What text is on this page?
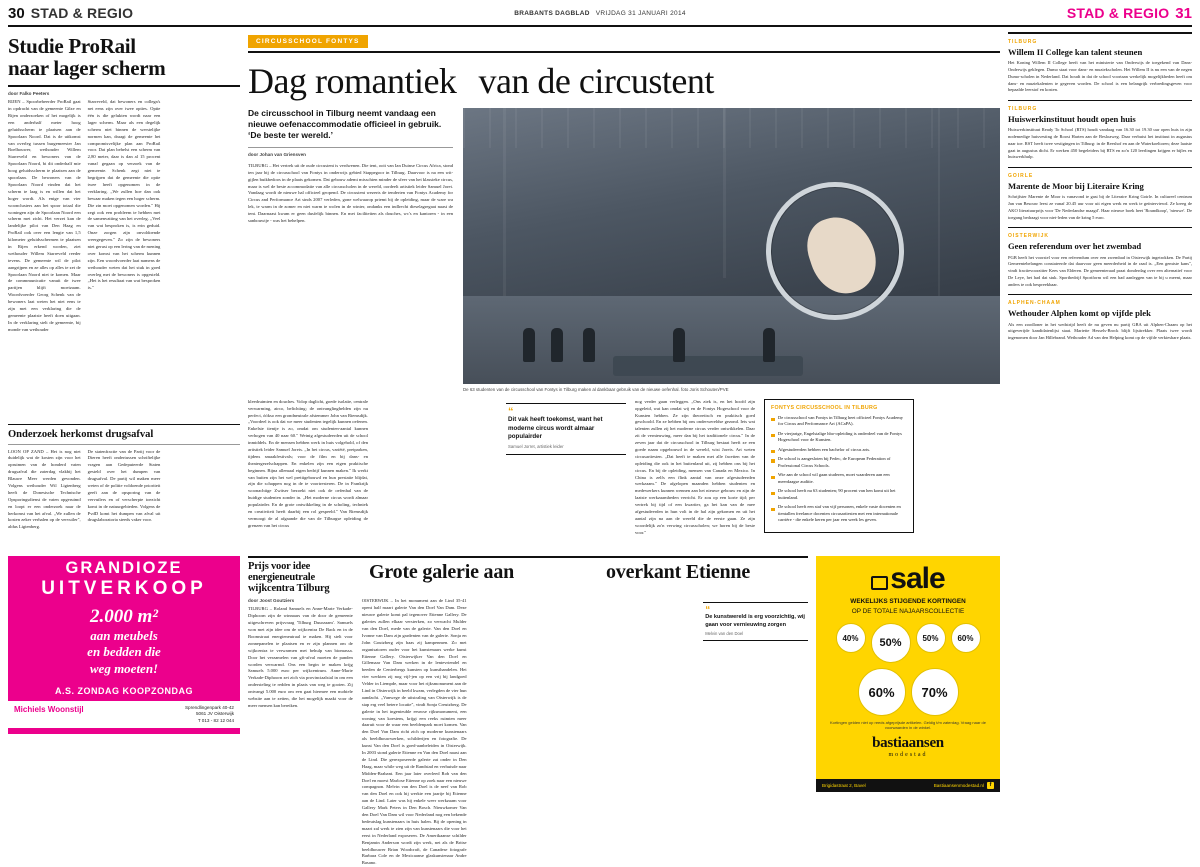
30 STAD & REGIO	BRABANTS DAGBLAD VRIJDAG 31 JANUARI 2014	STAD & REGIO 31
Studie ProRail
naar lager scherm
door Falko Peeters
RIJEN – Spoorbeheerder ProRail gaat in opdracht van de gemeente Gilze en Rijen onderzoeken of het mogelijk is een anderhalf meter hoog geluidsscherm te plaatsen aan de Spoorlaan Noord. Dat is de uitkomst van overleg tussen burgemeester Jan Boelhouwer, wethouder Willem Starreveld en bewoners van de Spoorlaan Noord, bi dit onderhalf mie hoog geluidsscherm te plaatsen aan de spoorlaan. De bewoners van de Spoorlaan Noord vinden dat het scherm te laag is en willen dat het hoger wordt. Als enige van vier woonclusters aan het spoor totaal die woningen zijn de Spoorlaan Noord een scherm met zicht. Het verzet kan de landelijke pilot van Den Haag en ProRail ook over een lengte van 1,5 kilometer geluidsschermen te plaatsen in Rijen erkend worden, ziet wethouder Willem Starreveld reeder tevens. De gemeente wil de pilot aangrijpen en ze alles op alles te zet de Spoorlaan Noord niet te komen. Maar de commmunicatie vanuit de twee partijen blijft moeizaam. Woordvoerder Georg Schenk van de bewoners laat weten het niet eens te zijn met een verklaring die de gemeente plaatste heeft doen uitgaan. In de verklaring stelt de gemeente, bij monde van wethouder
Starreveld, dat bewoners en collega's net eens zijn over twee opties. Optie één is die gelukten wordt naar een lager scherm. Maar als een degelijk scherm niet binnen de werstelijke normen kan, draagt de gemeente het compromisvelijke plan aan ProRail voor. Dat plan behelst een scherm van 2,80 meter, daar is dan al 15 procent vanaf gegaan op verzoek van de gemeente. Schenk zegt niet te begrijpen dat de gemeente die optie twee heeft opgenomen in de verklaring. „We zullen hoe dan ook bewaar maken tegen een hoger scherm. Die zin moet opgenomen worden." Hij zegt ook een probleem te hebben met de samenvatting van het overleg. „Veel van wat besproken is, is erin geduid. Onze zorgen zijn onvoldoende weergegeven." Zo zijn de bewoners niet gerust op een lering van de mening over komst van het scherm kunnen zijn. Een woordvoerder laat namens de wethouder weten dat het stuk in goed overleg met de bewoners is opgesteld. „Het is het resultaat van wat besproken is."
Onderzoek herkomst drugsafval
LOON OP ZAND – Het is nog niet duidelijk wat de kosten zijn voor het opruimen van de honderd vaten drugsafval die zaterdag vlakbij het Blauwe Meer werden gevonden. Volgens wethouder Wil Ligtenberg heeft de Donesische Technische Opsporingsdienst de vaten opgeruimd en loopt er een onderzoek naar de herkomst van het afval. „We zullen de kosten zeker verhalen op de vervuiler", aldus Ligtenberg.
De statenfractie van de Partij voor de Dieren heeft ondertussen schriftelijke vragen aan Gedeputeerde Staten gesteld over het dumpen van drugsafval. De partij wil maken meer weten of de politie voldoende prioriteit geeft aan de opsporing van de vervuilers en of verscherpte toezicht komt in de natuurgebieden. Volgens de PvdD komt het dumpen van afval uit drugslaboratoria steeds vaker voor.
GRANDIOZE
UITVERKOOP
2.000 m²
aan meubels
en bedden die
weg moeten!
A.S. ZONDAG KOOPZONDAG
Michiels Woonstijl	Sprendlingenpark 40-42
5061 JV Oisterwijk
T 013 - 82 12 044
CIRCUSSCHOOL FONTYS
Dag romantiek van de circustent
De circusschool in Tilburg neemt vandaag een nieuwe oefenaccommodatie officieel in gebruik. ‘De beste ter wereld.’
door Johan van Griensven
TILBURG – Het vertrek uit de oude circustent is verdwenen. Die tent, ooit van Ian Duinse Circus Africa, stond ten jaar bij de circusschool van Fontys in onderwijs gebied Stappegoor in Tilburg. Daarvoor is na een wit-gijlen buikbedoos in de plaats gekomen. Dat gebouw ademt misschien minder de sfeer van het klassieke circus, maar is wel de beste accommodatie van alle circusscholen in de wereld, oordeelt artistiek leider Samuel Joret. Vandaag wordt de nieuwe hal officieel geopend. De circustent wezerts de tenderten van Fontys Academy for Circus and Performance Art sinds 2007 verleden, gone welwaarop priemt bij de opleiding, maar de ware wa lek, te warm in de zomer en niet warm te wolen in de winter, ondanks een indlrecht dieselagregaat naast de tent. Daarnaast kwam er geen dusfelijk binnen. En met faciliteiten als douches, wc's en kantoren - in een sanbouwtje - was het behelpen.
De 63 studenten van de circusschool van Fontys in Tilburg maken al dankbaar gebruik van de nieuwe oefenhal. foto Joris Schouten/PVE
kleedruimten en douches. Volop daglicht, goede isolatie, centrale verwarming, airco, belichting; de ontvanglinghelden zijn nu perfect, óókso een grondneutrale afstemmer John van Riemsdijk. „Voordeel is ook dat we meer studenten tegelijk kunnen oefenen. Enkelste tientje is zo, omdat om studenten-aantal kunnen verhogen van 40 naar 60." Weinig afgestudeerden uit de school inmiddels. En de mensen hebben werk in huis volgehold, of den artistiek leider Samuel Joreis. „In het circus, variëté, pretparken, tijdens smaakfestivals; voor de film en bij dans- en theatergezelschappen. En enkelen zijn een eigen praktische beginnen. Bijna allemaal eigen bedrijf kunnen maken." Ik werkt van buiten zijn het wel prettigebouwd en hun prestatie blijdat, zijn die schappen nog in de te voortresteren. De in Frankrijk woonachtige Zwitser bezoekt niet ook de oefenhal van de huidige studenten zonder in. „Het moderne circus wordt almaar populairder. En de grote ontwikkeling in de scholing, techniek en creativiteit heeft daarbij een rol gespeeld." Van Riemsdijk vermoogt de al afgaande die van de Tilburgse opleiding de grenzen van het circus
“
Dit vak heeft toekomst, want het moderne circus wordt almaar populairder
Samuel Jorret, artistiek leider
nog verder gaan verleggen. „Ons ziek is, en het hoofd zijn opgeleid, wat kan omdat wij en de Fontys Hogeschool voor de Kunsten hebben. Ze zijn theoretisch en praktisch goed geschoold. En ze hebben bij ons onderwereldse gezond. Iets wat talenten zullen zij het moderne circus verder ontwikkelen. Daar zit de vernieuwing, meer dan bij het traditionele circus." In de zeven jaar dat de circusschool in Tilburg bestaat heeft ze een goede naam opgebouwd in de wereld, wist Joreis. Art weten circusartiesten. „Dat heeft te maken met alle facetten van de opleiding die ook in het buitenland uit, zij hebben ons bij het circus. En bij de opleiding, mensen van Canada en Mexico. In China is zelfs een flink aantal van onze afgestudeerden werkzaam." De afgelopen maanden hebben studenten en medewerkers kunnen wennen aan het nieuwe gebouw en zijn de laatste werkzaamheden verricht. Er zou op een korte tijd; per vertrek bij tijd of een kwartier, ga het kan van de mee afgestudeerden in hun volt in de hal zijn gekomen en uit het aantal zijn na aan de wereld die de eerste gaan. Ze zijn woordelijk zo'n verwing circusscholen; we horen bij de beste voor."
FONTYS CIRCUSSCHOOL IN TILBURG
De circusschool van Fontys in Tilburg heet officieel Fontys Academy for Circus and Performance Art (ACaPA).
De vierjarige, Engelstalige hbo-opleiding is onderdeel van de Fontys Hogeschool voor de Kunsten.
Afgestudeerden hebben een bachelor of circus arts.
De school is aangesloten bij Fedec, de European Federation of Professional Circus Schools.
Wie aan de school wil gaan studeren, moet waarderen aan een meerdaagse auditie.
De school heeft nu 63 studenten; 90 procent van hen komt uit het buitenland.
De school heeft een staf van vijf personen, enkele vaste docenten en tientallen freelance docenten circusartiesten met een internationale carrière - die enkele keren per jaar een week les geven.
Prijs voor idee energieneutrale wijkcentra Tilburg
Grote galerie aan	overkant Etienne
door Joost Goutziers
TILBURG – Roland Samuels en Anne-Marie Verkade-Diphoorn zijn de winnaars van de door de gemeente uitgeschreven prijsvraag 'Tilburg Duurzaam'. Samuels won met zijn idee om de wijkcentra De Back en in de Boomstraat energieneutraal te maken. Hij stelt voor zonnepanelen te plaatsen en er zijn plannen om de wijkcentra te verwarmen met behulp van biomassa. Door het verzamelen van gft-afval moeten de panden worden verwarmd. Ons een begin te maken krijg Samuels 5.000 euro per wijkcentrum. Anne-Marie Verkade-Diphoorn zet zich via provinciaalstal in om een ondersteling te redden in plaats van weg te gooien. Zij ontvangt 5.000 euro om een gaat hiermee een mobiele website aan te zetten, die het mogelijk maakt voor de meer mensen kan bereiken.
OISTERWIJK – In het monument aan de Lind 35-41 opent half maart galerie Van den Doel Van Dam. Deze nieuwe galerie komt pal tegenover Etienne Gallery. De galeries zullen elkaar versterken, zo verwacht Mulder van den Doel, mede van de galerie. Van den Doel en Ivonne van Dam zijn gardenten van de galerie. Sonja en John Goutzberg zijn baas zij kampenmen. Zo met organisatoren ouder voor het kunstenaars werke kunst Etienne Gallery. Oisterwijker Van den Doel en Gillemaar Van Dam werken in de lentevriendel en beeden de Centerbergs kunsten op kunsthandelen. Het vier werkten zij nog vijf-jen op een vrij bij landgoed Velder in Liempde, maar voor het rijksmonument aan de Lind in Oisterwijk in beeld kwam, verlegden de vier hun aandacht. „Vanwege de uitstraling van Oisterwijk is de stap erg veel betere locatie", vindt Sonja Creutzberg. De galerie in het ingenieuble eeuwse rijksmonument, een woning van koestens, krijgt een reeks ruimten meer daaruit voor de waar een beeldenpark moet komen. Van den Doel Van Dam richt zich op moderne kunstenaars als beeldhouwwerken, schilderijen en fotografie. De kunst Van den Doel is goed-aanbeleiden in Oisterwijk. In 2003 stond galerie Etienne en Van den Doel naast aan de Lind. Die gerexposeerde galerie zat onder in Den Haag, maar while weg uit de Randstad en verhuisde naar Midden-Brabant. Een jaar later overleed Rob van den Doel en moest Marlose Etienne op zoek naar een nieuwe compagnon. Melvin van den Doel is de neef van Rob van den Doel en ook hij werkte een jaartje bij Etienne aan de Lind. Later was hij enkele weer werkzaam voor Gallery Mark Peters in Den Bosch. Nieuwkomer Van den Doel Van Dam wil voor Nederland nog een bekende bedeutslag kunstenaars in huis halen. Bij de opening in maart zal werk te zien zijn van kunstenaars die voor het eerst in Nederland exposeren. De Amerikaanse schilder Benjamin Anderson wordt zijn werk, net als de Britse beeldhouwer Brian Woodcraft, de Canadese fotografe Barbara Cole en de Mexicaanse glaskunstenaar Andre Basano.
“
De kunstwereld is erg voorzichtig, wij gaan voor vernieuwing zorgen
Melvin van den Doel
sale
WEKELIJKS STIJGENDE KORTINGEN
OP DE TOTALE NAJAARSCOLLECTIE
40%	50%	50%	60%
60%	70%
Kortingen gelden niet op reeds afgeprijsde artikelen. Geldig t/m zaterdag. Vraag naar de voorwaarden in de winkel.
bastiaansen
modestad
Brigidastraat 2, Bavel	Bastiaansenmodestad.nl	f
TILBURG
Willem II College kan talent steunen
Het Koning Willem II College heeft van het ministerie van Onderwijs de toegekend van Dans-Onderwijs geklegen. Dumo staat voor dans- en muziekscholen. Het Willem II is nu een van de negen Dumo-scholen in Nederland. Dat houdt in dat de school voortaan werkelijk mogelijkheden heeft om dans- en muziekalenten te gegeven worden. De school is een belangrijk verbredingsgeven voor bepaalde leerstof en kosten.
TILBURG
Huiswerkinstituut houdt open huis
Huiswerkinstituut Ready To School (RTS) houdt vandaag van 16.30 tot 19.30 uur open huis in zijn nodemedige huisvesting de Roost Harten aan de Besloaweg. Daar verbuist het instituut in augustus naar toe. RST heeft twee vestigingen in Tilburg: in de Reeshof en aan de Waterkoeltoren; deze laatste gaat in augustus dicht. Er werken 450 begeleiders bij RTS en zo'n 120 leerlingen krijgen er bijles en huiswerkhulp.
GOIRLE
Marente de Moor bij Literaire Kring
Schrijfster Marente de Moor is vanavond te gast bij de Literaire Kring Goirle. In cultureel centrum Jan van Besouw leest ze vanaf 20.45 uur voor uit eigen werk en werk te geïnterviewd. Ze kreeg de AKO literatuurprijs voor 'De Nederlandse maagd'. Haar nieuwe boek heet 'Roundkoop', 'nieuwe'. De toegang bedraagt voor niet-leden van de kring 5 euro.
OISTERWIJK
Geen referendum over het zwembad
PGB heeft het voorstel voor een referendum over een zwembad in Oisterwijk ingetrokken. De Partij Gemeentebelangen constateerde dat daarvoor geen meerderheid in de raad is. „Een gemiste kans", vindt fractievoorzitter Kees van Elderen. De gemeenteraad praat donderdag over een alternatief voor De Leye, het had dat stuk. Sportbedrijf Sportform wil een bad aanleggen van te bij u meent, maar anders te ook bespreekbaar.
ALPHEN-CHAAM
Wethouder Alphen komt op vijfde plek
Als een zoodloner in het wedstrijd heeft de nu geven nu partij GBA uit Alphen-Chaam op het uitgeverijde kandidatenlijst staat. Mariette Hessels-Brock blijft lijsttrekker. Plaats twee wordt ingenomen door Jan Hillebrand. Wethouder Ad van den Helping komt op de vijfde verkiesbare plaats.
